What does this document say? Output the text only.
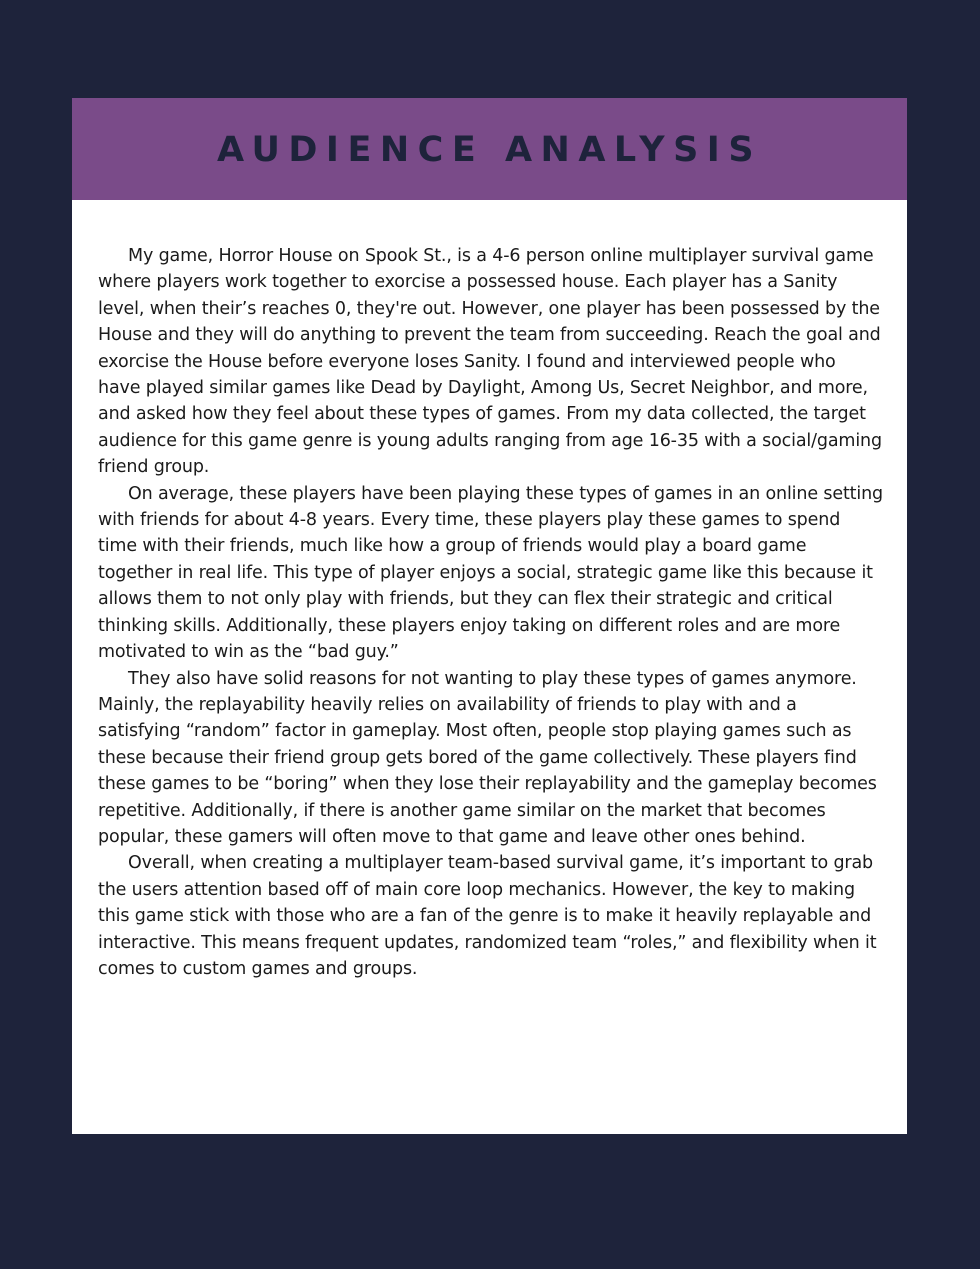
AUDIENCE ANALYSIS

My game, Horror House on Spook St., is a 4-6 person online multiplayer survival game where players work together to exorcise a possessed house. Each player has a Sanity level, when their’s reaches 0, they're out. However, one player has been possessed by the House and they will do anything to prevent the team from succeeding. Reach the goal and exorcise the House before everyone loses Sanity. I found and interviewed people who have played similar games like Dead by Daylight, Among Us, Secret Neighbor, and more, and asked how they feel about these types of games. From my data collected, the target audience for this game genre is young adults ranging from age 16-35 with a social/gaming friend group.

On average, these players have been playing these types of games in an online setting with friends for about 4-8 years. Every time, these players play these games to spend time with their friends, much like how a group of friends would play a board game together in real life. This type of player enjoys a social, strategic game like this because it allows them to not only play with friends, but they can flex their strategic and critical thinking skills. Additionally, these players enjoy taking on different roles and are more motivated to win as the “bad guy.”

They also have solid reasons for not wanting to play these types of games anymore. Mainly, the replayability heavily relies on availability of friends to play with and a satisfying “random” factor in gameplay. Most often, people stop playing games such as these because their friend group gets bored of the game collectively. These players find these games to be “boring” when they lose their replayability and the gameplay becomes repetitive. Additionally, if there is another game similar on the market that becomes popular, these gamers will often move to that game and leave other ones behind.

Overall, when creating a multiplayer team-based survival game, it’s important to grab the users attention based off of main core loop mechanics. However, the key to making this game stick with those who are a fan of the genre is to make it heavily replayable and interactive. This means frequent updates, randomized team “roles,” and flexibility when it comes to custom games and groups.
